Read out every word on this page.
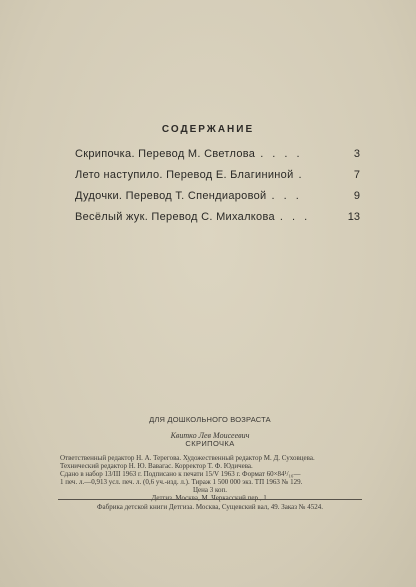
СОДЕРЖАНИЕ
Скрипочка. Перевод М. Светлова . . . .	3
Лето наступило. Перевод Е. Благининой .	7
Дудочки. Перевод Т. Спендиаровой . . .	9
Весёлый жук. Перевод С. Михалкова . . .	13
ДЛЯ ДОШКОЛЬНОГО ВОЗРАСТА
Квитко Лев Моисеевич
СКРИПОЧКА
Ответственный редактор Н. А. Терегова. Художественный редактор М. Д. Суховцева.
Технический редактор Н. Ю. Вавагас. Корректор Т. Ф. Юдичева.
Сдано в набор 13/III 1963 г. Подписано к печати 15/V 1963 г. Формат 60×84¹/₁₆—
1 печ. л.—0,913 усл. печ. л. (0,6 уч.-изд. л.). Тираж 1 500 000 экз. ТП 1963 № 129.
Цена 3 коп.
Детгиз. Москва, М. Черкасский пер., 1.
Фабрика детской книги Детгиза. Москва, Сущевский вал, 49. Заказ № 4524.
